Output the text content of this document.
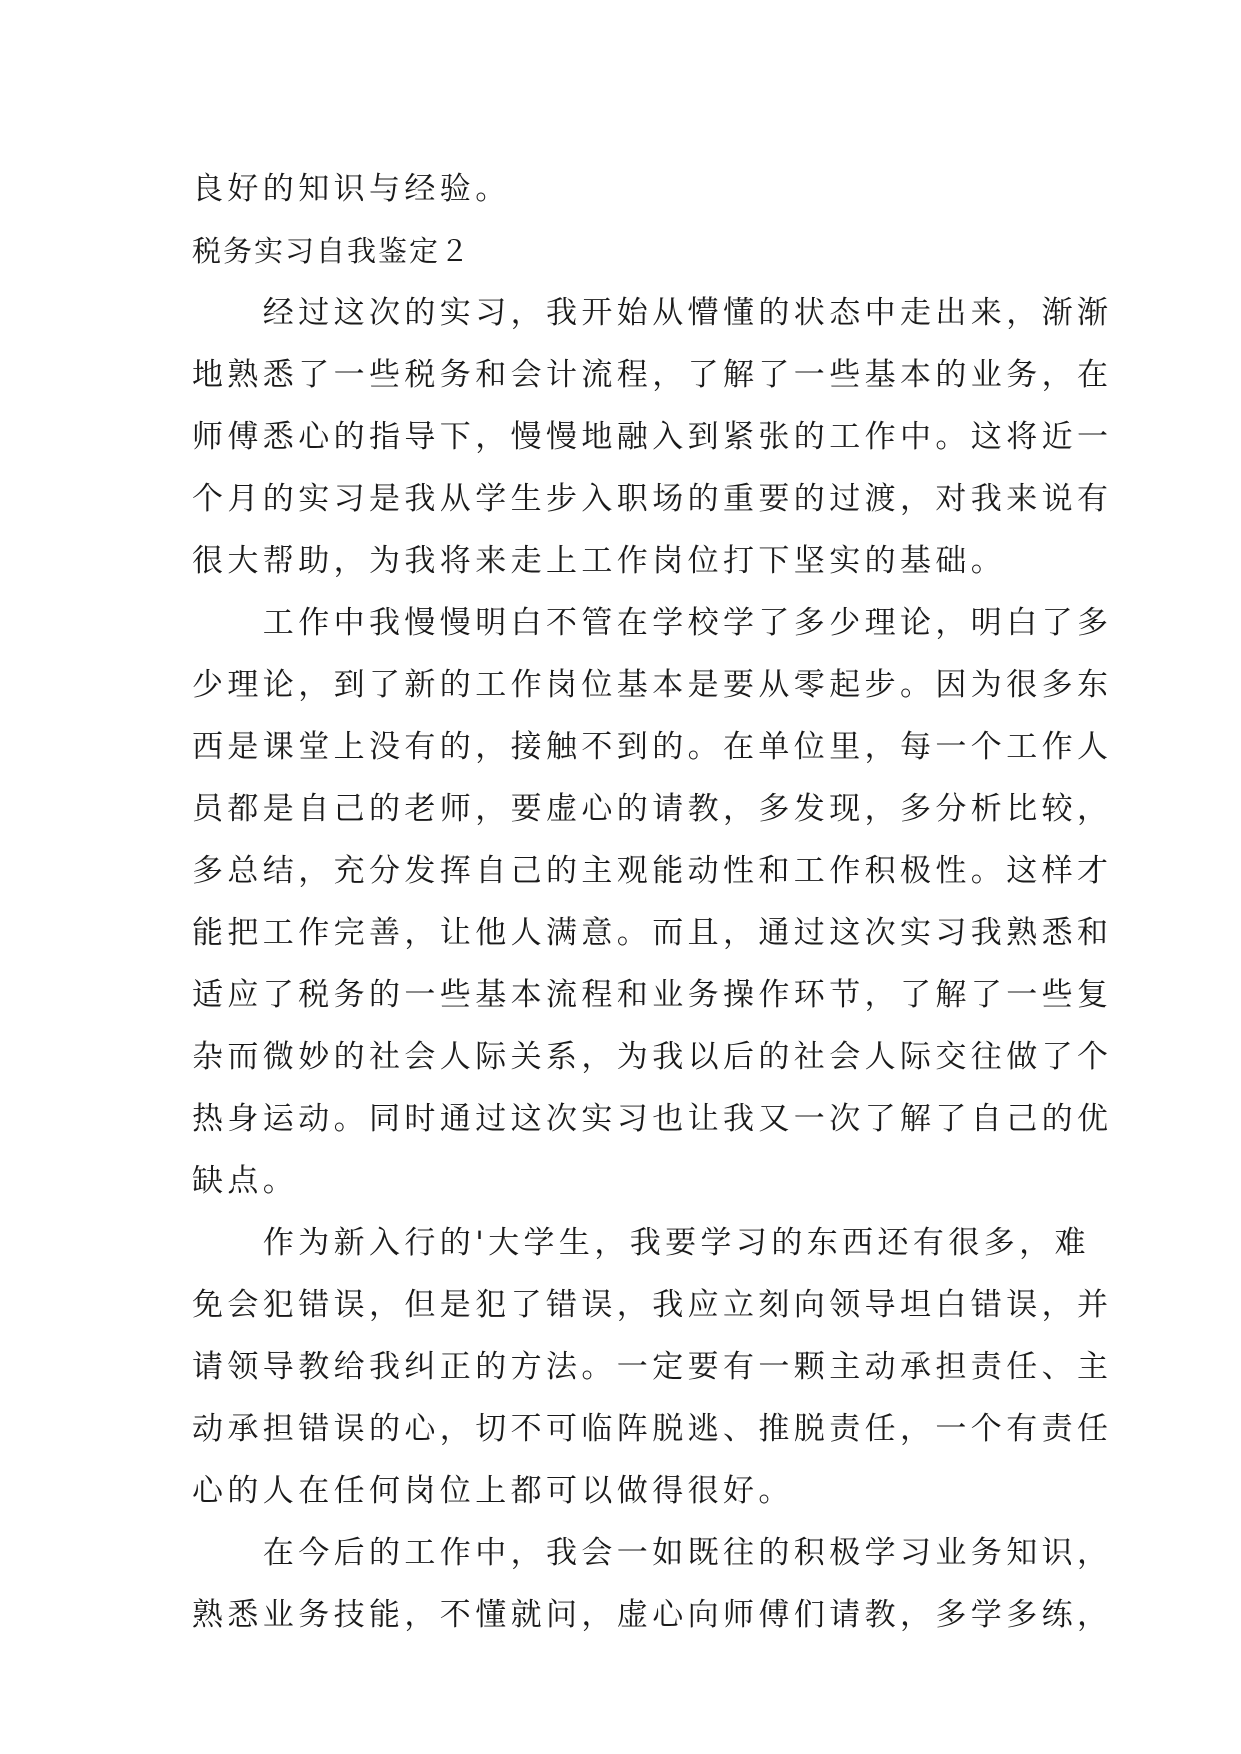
良好的知识与经验。
税务实习自我鉴定２
　　经过这次的实习，我开始从懵懂的状态中走出来，渐渐
地熟悉了一些税务和会计流程，了解了一些基本的业务，在
师傅悉心的指导下，慢慢地融入到紧张的工作中。这将近一
个月的实习是我从学生步入职场的重要的过渡，对我来说有
很大帮助，为我将来走上工作岗位打下坚实的基础。
　　工作中我慢慢明白不管在学校学了多少理论，明白了多
少理论，到了新的工作岗位基本是要从零起步。因为很多东
西是课堂上没有的，接触不到的。在单位里，每一个工作人
员都是自己的老师，要虚心的请教，多发现，多分析比较，
多总结，充分发挥自己的主观能动性和工作积极性。这样才
能把工作完善，让他人满意。而且，通过这次实习我熟悉和
适应了税务的一些基本流程和业务操作环节，了解了一些复
杂而微妙的社会人际关系，为我以后的社会人际交往做了个
热身运动。同时通过这次实习也让我又一次了解了自己的优
缺点。
　　作为新入行的'大学生，我要学习的东西还有很多，难
免会犯错误，但是犯了错误，我应立刻向领导坦白错误，并
请领导教给我纠正的方法。一定要有一颗主动承担责任、主
动承担错误的心，切不可临阵脱逃、推脱责任，一个有责任
心的人在任何岗位上都可以做得很好。
　　在今后的工作中，我会一如既往的积极学习业务知识，
熟悉业务技能，不懂就问，虚心向师傅们请教，多学多练，
